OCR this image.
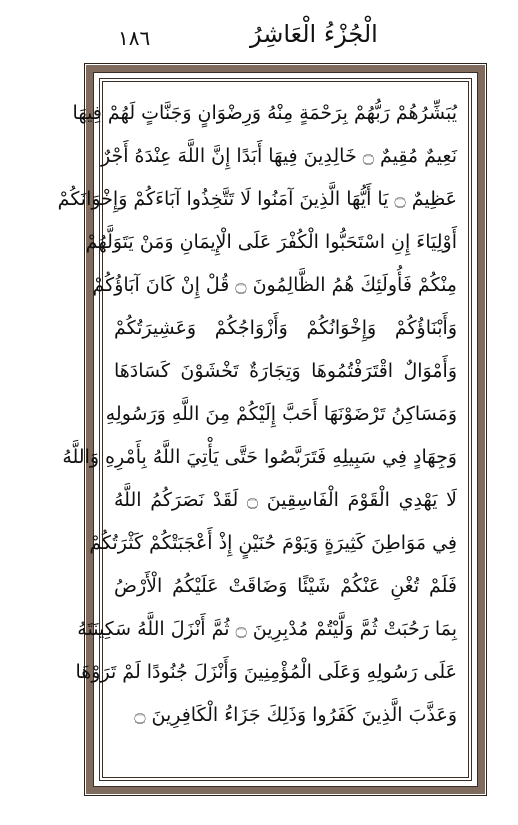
١٨٦	الْجُزْءُ الْعَاشِرُ
يُبَشِّرُهُمْ رَبُّهُمْ بِرَحْمَةٍ مِنْهُ وَرِضْوَانٍ وَجَنَّاتٍ لَهُمْ فِيهَا
نَعِيمٌ مُقِيمٌ ۝ خَالِدِينَ فِيهَا أَبَدًا إِنَّ اللَّهَ عِنْدَهُ أَجْرٌ
عَظِيمٌ ۝ يَا أَيُّهَا الَّذِينَ آمَنُوا لَا تَتَّخِذُوا آبَاءَكُمْ وَإِخْوَانَكُمْ
أَوْلِيَاءَ إِنِ اسْتَحَبُّوا الْكُفْرَ عَلَى الْإِيمَانِ وَمَنْ يَتَوَلَّهُمْ
مِنْكُمْ فَأُولَئِكَ هُمُ الظَّالِمُونَ ۝ قُلْ إِنْ كَانَ آبَاؤُكُمْ
وَأَبْنَاؤُكُمْ وَإِخْوَانُكُمْ وَأَزْوَاجُكُمْ وَعَشِيرَتُكُمْ
وَأَمْوَالٌ اقْتَرَفْتُمُوهَا وَتِجَارَةٌ تَخْشَوْنَ كَسَادَهَا
وَمَسَاكِنُ تَرْضَوْنَهَا أَحَبَّ إِلَيْكُمْ مِنَ اللَّهِ وَرَسُولِهِ
وَجِهَادٍ فِي سَبِيلِهِ فَتَرَبَّصُوا حَتَّى يَأْتِيَ اللَّهُ بِأَمْرِهِ وَاللَّهُ
لَا يَهْدِي الْقَوْمَ الْفَاسِقِينَ ۝ لَقَدْ نَصَرَكُمُ اللَّهُ
فِي مَوَاطِنَ كَثِيرَةٍ وَيَوْمَ حُنَيْنٍ إِذْ أَعْجَبَتْكُمْ كَثْرَتُكُمْ
فَلَمْ تُغْنِ عَنْكُمْ شَيْئًا وَضَاقَتْ عَلَيْكُمُ الْأَرْضُ
بِمَا رَحُبَتْ ثُمَّ وَلَّيْتُمْ مُدْبِرِينَ ۝ ثُمَّ أَنْزَلَ اللَّهُ سَكِينَتَهُ
عَلَى رَسُولِهِ وَعَلَى الْمُؤْمِنِينَ وَأَنْزَلَ جُنُودًا لَمْ تَرَوْهَا
وَعَذَّبَ الَّذِينَ كَفَرُوا وَذَلِكَ جَزَاءُ الْكَافِرِينَ ۝
